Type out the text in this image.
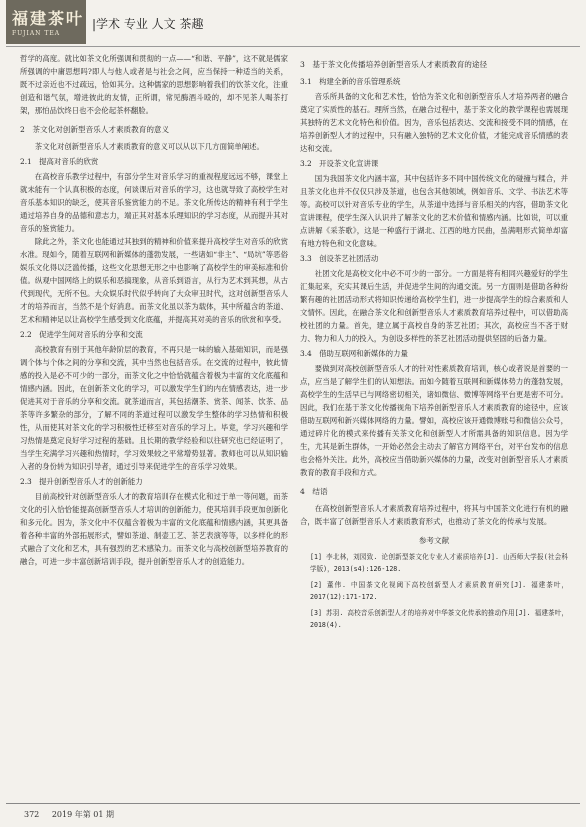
福建茶叶
FUJIAN TEA
|学术 专业 人文 茶趣

哲学的高度。就比如茶文化所强调和贯彻的一点——“和谐、平静”，这不就是儒家所强调的中庸思想吗?即人与他人或者是与社会之间，应当保持一种适当的关系，既不过亲近也不过疏远，恰如其分。这种儒家的思想影响着我们的饮茶文化，注重创造和谐气氛，增进彼此的友情，正所谓，常见酶酒斗殴的，却不见茶人喝茶打架，那怕品饮终日也不会伦起茶杯翻脸。

2　茶文化对创新型音乐人才素质教育的意义

茶文化对创新型音乐人才素质教育的意义可以从以下几方面简单阐述。

2.1　提高对音乐的欣赏

在高校音乐教学过程中，有部分学生对音乐学习的重视程度远远不够，课堂上就未能有一个认真积极的态度，何谈课后对音乐的学习，这也就导致了高校学生对音乐基本知识的缺乏，使其音乐鉴赏能力的不足。茶文化所传达的精神有利于学生通过培养自身的品德和意志力，端正其对基本乐理知识的学习态度，从而提升其对音乐的鉴赏能力。

除此之外，茶文化也能通过其独到的精神和价值来提升高校学生对音乐的欣赏水准。现如今，随着互联网和新媒体的蓬勃发展，一些诸如“非主”、“局坑”等恶俗娱乐文化得以泛滥传播，这些文化思想无形之中也影响了高校学生的审美标准和价值。纵观中国网络上的娱乐和恶搞现象，从音乐到语言，从行为艺术到其想，从古代到现代，无所不包。大众娱乐时代似乎转向了大众审丑时代，这对创新型音乐人才的培养而言，当然不是个好消息。而茶文化虽以茶为载体，其中所蕴含的茶道、艺术和精神足以让高校学生感受到文化底蕴，并提高其对美的音乐的欣赏和享受。

2.2　促进学生间对音乐的分享和交流

高校教育有别于其他年龄阶层的教育，不再只是一味的输入基础知识，而是强调个体与个体之间的分享和交流，其中当然也包括音乐。在交流的过程中，彼此情感的投入是必不可少的一部分，而茶文化之中恰恰就蕴含着极为丰富的文化底蕴和情感内涵。因此，在创新茶文化的学习，可以激发学生们的内在情感表达，进一步促进其对于音乐的分享和交流。就茶道而言，其包括潮茶、赏茶、闻茶、饮茶、品茶等许多繁杂的部分，了解不同的茶道过程可以激发学生整体的学习热情和积极性，从而使其对茶文化的学习积极性迁移至对音乐的学习上。毕竟，学习兴趣和学习热情是奠定良好学习过程的基础。且长期的教学经验和以往研究也已经证明了，当学生充满学习兴趣和热情时，学习效果较之平常增势显著。教师也可以从知识输入者的身份转为知识引导者，通过引导来促进学生的音乐学习效果。

2.3　提升创新型音乐人才的创新能力

目前高校针对创新型音乐人才的教育培训存在模式化和过于单一等问题，而茶文化的引入恰恰能提高创新型音乐人才培训的创新能力，使其培训手段更加创新化和多元化。因为，茶文化中不仅蕴含着极为丰富的文化底蕴和情感内涵，其更具备着各种丰富的外部拓展形式，譬如茶道、制壶工艺、茶艺表演等等，以多样化的形式融合了文化和艺术，具有强烈的艺术感染力。而茶文化与高校创新型培养教育的融合，可进一步丰富创新培训手段，提升创新型音乐人才的创造能力。

3　基于茶文化传播培养创新型音乐人才素质教育的途径
3.1　构建全新的音乐管理系统

音乐所具备的文化和艺术性，恰恰为茶文化和创新型音乐人才培养两者的融合奠定了实质性的基石。理所当然，在融合过程中，基于茶文化的教学课程也需展现其独特的艺术文化特色和价值。因为，音乐包括表达、交流和接受不同的情感，在培养创新型人才的过程中，只有融入独特的艺术文化价值，才能完成音乐情感的表达和交流。

3.2　开设茶文化宣讲课

国为我国茶文化内涵丰富，其中包括许多不同中国传统文化的碰撞与糅合，并且茶文化也并不仅仅只涉及茶道，也包含其他领域，例如音乐、文学、书法艺术等等。高校可以针对音乐专业的学生，从茶道中选择与音乐相关的内容，借助茶文化宣讲课程，使学生深入认识并了解茶文化的艺术价值和情感内涵。比如说，可以重点讲解《采茶歌》，这是一种盛行于湖北、江西的地方民曲，虽满唱形式简单却富有地方特色和文化意味。

3.3　创设茶艺社团活动

社团文化是高校文化中必不可少的一部分。一方面是将有相同兴趣爱好的学生汇集起来，充实其课后生活，并促进学生间的沟通交流。另一方面则是借助各种纷繁有趣的社团活动形式将知识传递给高校学生们，进一步提高学生的综合素质和人文情怀。因此，在融合茶文化和创新型音乐人才素质教育培养过程中，可以借助高校社团的力量。首先，建立属于高校自身的茶艺社团；其次，高校应当不吝于财力、物力和人力的投入，为创设多样性的茶艺社团活动提供坚固的后备力量。

3.4　借助互联网和新媒体的力量

要做到对高校创新型音乐人才的针对性素质教育培训，核心或者说是首要的一点，应当是了解学生们的认知想法。而如今随着互联网和新媒体势力的蓬勃发展，高校学生的生活早已与网络密切相关，诸如微信、微博等网络平台更是密不可分。因此，我们在基于茶文化传播视角下培养创新型音乐人才素质教育的途径中，应该借助互联网和新兴媒体网络的力量。譬如，高校应该开通微博账号和微信公众号，通过碎片化的模式来传播有关茶文化和创新型人才所需具备的知识信息。因为学生，尤其是新生群体，一开始必然会主动去了解官方网络平台，对平台发布的信息也会格外关注。此外，高校应当借助新兴媒体的力量，改变对创新型音乐人才素质教育的教育手段和方式。

4　结语

在高校创新型音乐人才素质教育培养过程中，将其与中国茶文化进行有机的融合，既丰富了创新型音乐人才素质教育形式，也推动了茶文化的传承与发展。

参考文献

[1] 李北林，刘园致. 论创新型茶文化专业人才素质培养[J]. 山西师大学报(社会科学版)，2013(s4):126-128.

[2] 董伟. 中国茶文化视阈下高校创新型人才素质教育研究[J]. 福建茶叶，2017(12):171-172.

[3] 苏羽. 高校音乐创新型人才的培养对中华茶文化传承的推动作用[J]. 福建茶叶，2018(4).

372 2019 年第 01 期
